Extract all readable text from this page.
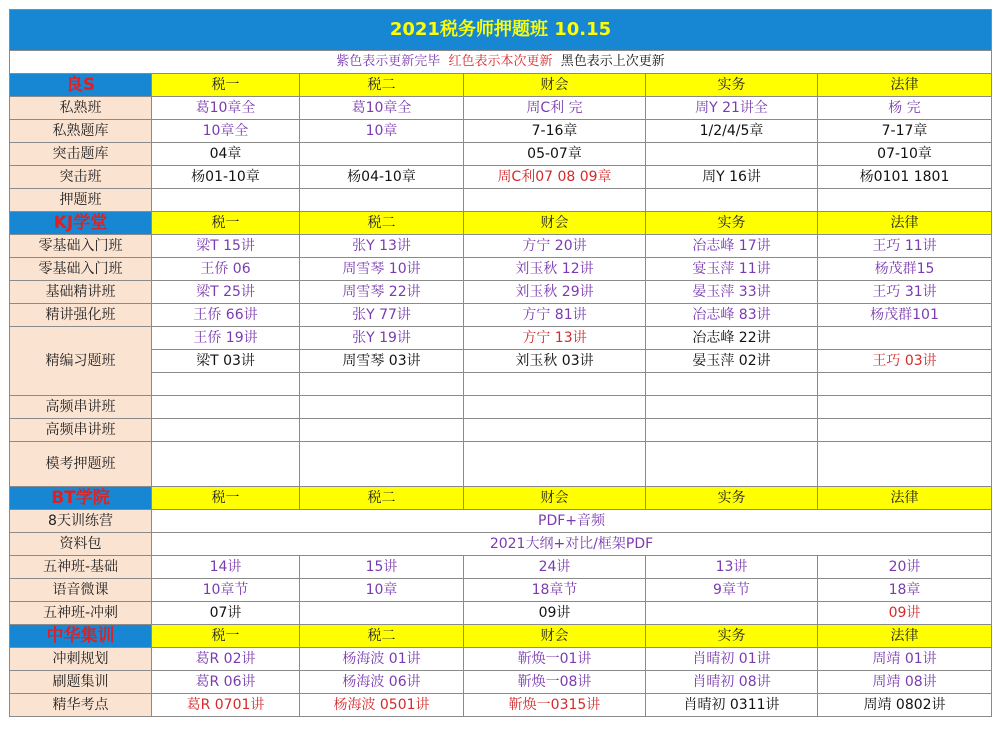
2021税务师押题班 10.15					
紫色表示更新完毕 红色表示本次更新 黑色表示上次更新					
良S	税一	税二	财会	实务	法律
私熟班	葛10章全	葛10章全	周C利 完	周Y 21讲全	杨 完
私熟题库	10章全	10章	7-16章	1/2/4/5章	7-17章
突击题库	04章		05-07章		07-10章
突击班	杨01-10章	杨04-10章	周C利07 08 09章	周Y 16讲	杨0101 1801
押题班					
KJ学堂	税一	税二	财会	实务	法律
零基础入门班	梁T 15讲	张Y 13讲	方宁 20讲	冶志峰 17讲	王巧 11讲
零基础入门班	王侨 06	周雪琴 10讲	刘玉秋 12讲	宴玉萍 11讲	杨茂群15
基础精讲班	梁T 25讲	周雪琴 22讲	刘玉秋 29讲	晏玉萍 33讲	王巧 31讲
精讲强化班	王侨 66讲	张Y 77讲	方宁 81讲	冶志峰 83讲	杨茂群101
精编习题班	王侨 19讲	张Y 19讲	方宁 13讲	冶志峰 22讲	
	梁T 03讲	周雪琴 03讲	刘玉秋 03讲	晏玉萍 02讲	王巧 03讲

高频串讲班					
高频串讲班					
模考押题班					
BT学院	税一	税二	财会	实务	法律
8天训练营	PDF+音频				
资料包	2021大纲+对比/框架PDF				
五神班-基础	14讲	15讲	24讲	13讲	20讲
语音微课	10章节	10章	18章节	9章节	18章
五神班-冲刺	07讲		09讲		09讲
中华集训	税一	税二	财会	实务	法律
冲刺规划	葛R 02讲	杨海波 01讲	靳焕一01讲	肖晴初 01讲	周靖 01讲
刷题集训	葛R 06讲	杨海波 06讲	靳焕一08讲	肖晴初 08讲	周靖 08讲
精华考点	葛R 0701讲	杨海波 0501讲	靳焕一0315讲	肖晴初 0311讲	周靖 0802讲
